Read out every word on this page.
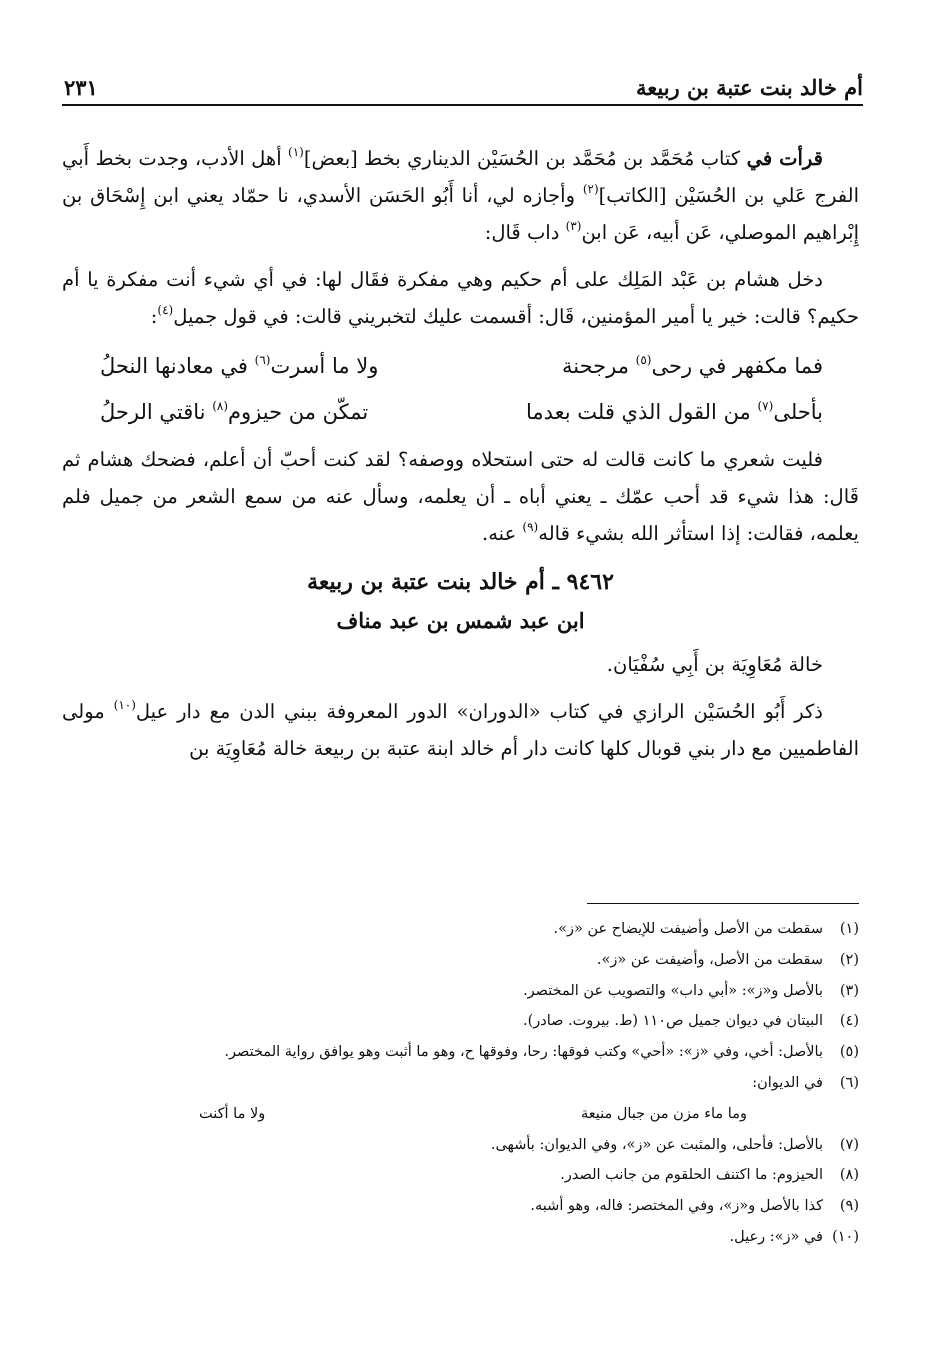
أم خالد بنت عتبة بن ربيعة
٢٣١

قرأت في كتاب مُحَمَّد بن مُحَمَّد بن الحُسَيْن الديناري بخط [بعض]$^{(١)}$ أهل الأدب، وجدت بخط أَبي الفرج عَلي بن الحُسَيْن [الكاتب]$^{(٢)}$ وأجازه لي، أنا أَبُو الحَسَن الأسدي، نا حمّاد يعني ابن إِسْحَاق بن إِبْراهيم الموصلي، عَن أبيه، عَن ابن$^{(٣)}$ داب قَال:

دخل هشام بن عَبْد المَلِك على أم حكيم وهي مفكرة فقَال لها: في أي شيء أنت مفكرة يا أم حكيم؟ قالت: خير يا أمير المؤمنين، قَال: أقسمت عليك لتخبريني قالت: في قول جميل$^{(٤)}$:

فما مكفهر في رحى$^{(٥)}$ مرجحنة
ولا ما أسرت$^{(٦)}$ في معادنها النحلُ
بأحلى$^{(٧)}$ من القول الذي قلت بعدما
تمكّن من حيزوم$^{(٨)}$ ناقتي الرحلُ

فليت شعري ما كانت قالت له حتى استحلاه ووصفه؟ لقد كنت أحبّ أن أعلم، فضحك هشام ثم قَال: هذا شيء قد أحب عمّك ـ يعني أباه ـ أن يعلمه، وسأل عنه من سمع الشعر من جميل فلم يعلمه، فقالت: إذا استأثر الله بشيء قاله$^{(٩)}$ عنه.

٩٤٦٢ ـ أم خالد بنت عتبة بن ربيعة
ابن عبد شمس بن عبد مناف

خالة مُعَاوِيَة بن أَبِي سُفْيَان.

ذكر أَبُو الحُسَيْن الرازي في كتاب «الدوران» الدور المعروفة ببني الدن مع دار عيل$^{(١٠)}$ مولى الفاطميين مع دار بني قوبال كلها كانت دار أم خالد ابنة عتبة بن ربيعة خالة مُعَاوِيَة بن

(١)
سقطت من الأصل وأضيفت للإيضاح عن «ز».
(٢)
سقطت من الأصل، وأضيفت عن «ز».
(٣)
بالأصل و«ز»: «أبي داب» والتصويب عن المختصر.
(٤)
البيتان في ديوان جميل ص١١٠ (ط. بيروت. صادر).
(٥)
بالأصل: أخي، وفي «ز»: «أحي» وكتب فوقها: رحا، وفوقها ح، وهو ما أثبت وهو يوافق رواية المختصر.
(٦)
في الديوان:
وما ماء مزن من جبال منيعة
ولا ما أكنت
(٧)
بالأصل: فأحلى، والمثبت عن «ز»، وفي الديوان: بأشهى.
(٨)
الحيزوم: ما اكتنف الحلقوم من جانب الصدر.
(٩)
كذا بالأصل و«ز»، وفي المختصر: فاله، وهو أشبه.
(١٠)
في «ز»: رعيل.
